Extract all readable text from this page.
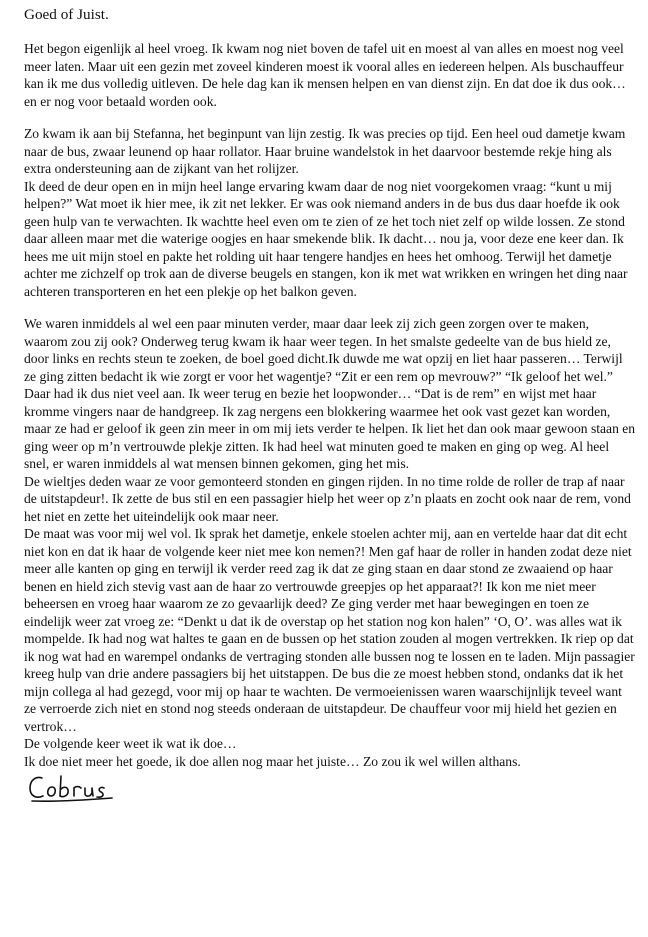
Goed of Juist.

Het begon eigenlijk al heel vroeg. Ik kwam nog niet boven de tafel uit en moest al van alles en moest nog veel meer laten. Maar uit een gezin met zoveel kinderen moest ik vooral alles en iedereen helpen. Als buschauffeur kan ik me dus volledig uitleven. De hele dag kan ik mensen helpen en van dienst zijn. En dat doe ik dus ook… en er nog voor betaald worden ook.

Zo kwam ik aan bij Stefanna, het beginpunt van lijn zestig. Ik was precies op tijd. Een heel oud dametje kwam naar de bus, zwaar leunend op haar rollator. Haar bruine wandelstok in het daarvoor bestemde rekje hing als extra ondersteuning aan de zijkant van het rolijzer.

Ik deed de deur open en in mijn heel lange ervaring kwam daar de nog niet voorgekomen vraag: “kunt u mij helpen?” Wat moet ik hier mee, ik zit net lekker. Er was ook niemand anders in de bus dus daar hoefde ik ook geen hulp van te verwachten. Ik wachtte heel even om te zien of ze het toch niet zelf op wilde lossen. Ze stond daar alleen maar met die waterige oogjes en haar smekende blik. Ik dacht… nou ja, voor deze ene keer dan. Ik hees me uit mijn stoel en pakte het rolding uit haar tengere handjes en hees het omhoog. Terwijl het dametje achter me zichzelf op trok aan de diverse beugels en stangen, kon ik met wat wrikken en wringen het ding naar achteren transporteren en het een plekje op het balkon geven.

We waren inmiddels al wel een paar minuten verder, maar daar leek zij zich geen zorgen over te maken, waarom zou zij ook? Onderweg terug kwam ik haar weer tegen. In het smalste gedeelte van de bus hield ze, door links en rechts steun te zoeken, de boel goed dicht.Ik duwde me wat opzij en liet haar passeren… Terwijl ze ging zitten bedacht ik wie zorgt er voor het wagentje? “Zit er een rem op mevrouw?” “Ik geloof het wel.” Daar had ik dus niet veel aan. Ik weer terug en bezie het loopwonder… “Dat is de rem” en wijst met haar kromme vingers naar de handgreep. Ik zag nergens een blokkering waarmee het ook vast gezet kan worden, maar ze had er geloof ik geen zin meer in om mij iets verder te helpen. Ik liet het dan ook maar gewoon staan en ging weer op m’n vertrouwde plekje zitten. Ik had heel wat minuten goed te maken en ging op weg. Al heel snel, er waren inmiddels al wat mensen binnen gekomen, ging het mis.

De wieltjes deden waar ze voor gemonteerd stonden en gingen rijden. In no time rolde de roller de trap af naar de uitstapdeur!. Ik zette de bus stil en een passagier hielp het weer op z’n plaats en zocht ook naar de rem, vond het niet en zette het uiteindelijk ook maar neer.

De maat was voor mij wel vol. Ik sprak het dametje, enkele stoelen achter mij, aan en vertelde haar dat dit echt niet kon en dat ik haar de volgende keer niet mee kon nemen?! Men gaf haar de roller in handen zodat deze niet meer alle kanten op ging en terwijl ik verder reed zag ik dat ze ging staan en daar stond ze zwaaiend op haar benen en hield zich stevig vast aan de haar zo vertrouwde greepjes op het apparaat?! Ik kon me niet meer beheersen en vroeg haar waarom ze zo gevaarlijk deed? Ze ging verder met haar bewegingen en toen ze eindelijk weer zat vroeg ze: “Denkt u dat ik de overstap op het station nog kon halen” ‘O, O’. was alles wat ik mompelde. Ik had nog wat haltes te gaan en de bussen op het station zouden al mogen vertrekken. Ik riep op dat ik nog wat had en warempel ondanks de vertraging stonden alle bussen nog te lossen en te laden. Mijn passagier kreeg hulp van drie andere passagiers bij het uitstappen. De bus die ze moest hebben stond, ondanks dat ik het mijn collega al had gezegd, voor mij op haar te wachten. De vermoeienissen waren waarschijnlijk teveel want ze verroerde zich niet en stond nog steeds onderaan de uitstapdeur. De chauffeur voor mij hield het gezien en vertrok…

De volgende keer weet ik wat ik doe…

Ik doe niet meer het goede, ik doe allen nog maar het juiste… Zo zou ik wel willen althans.
